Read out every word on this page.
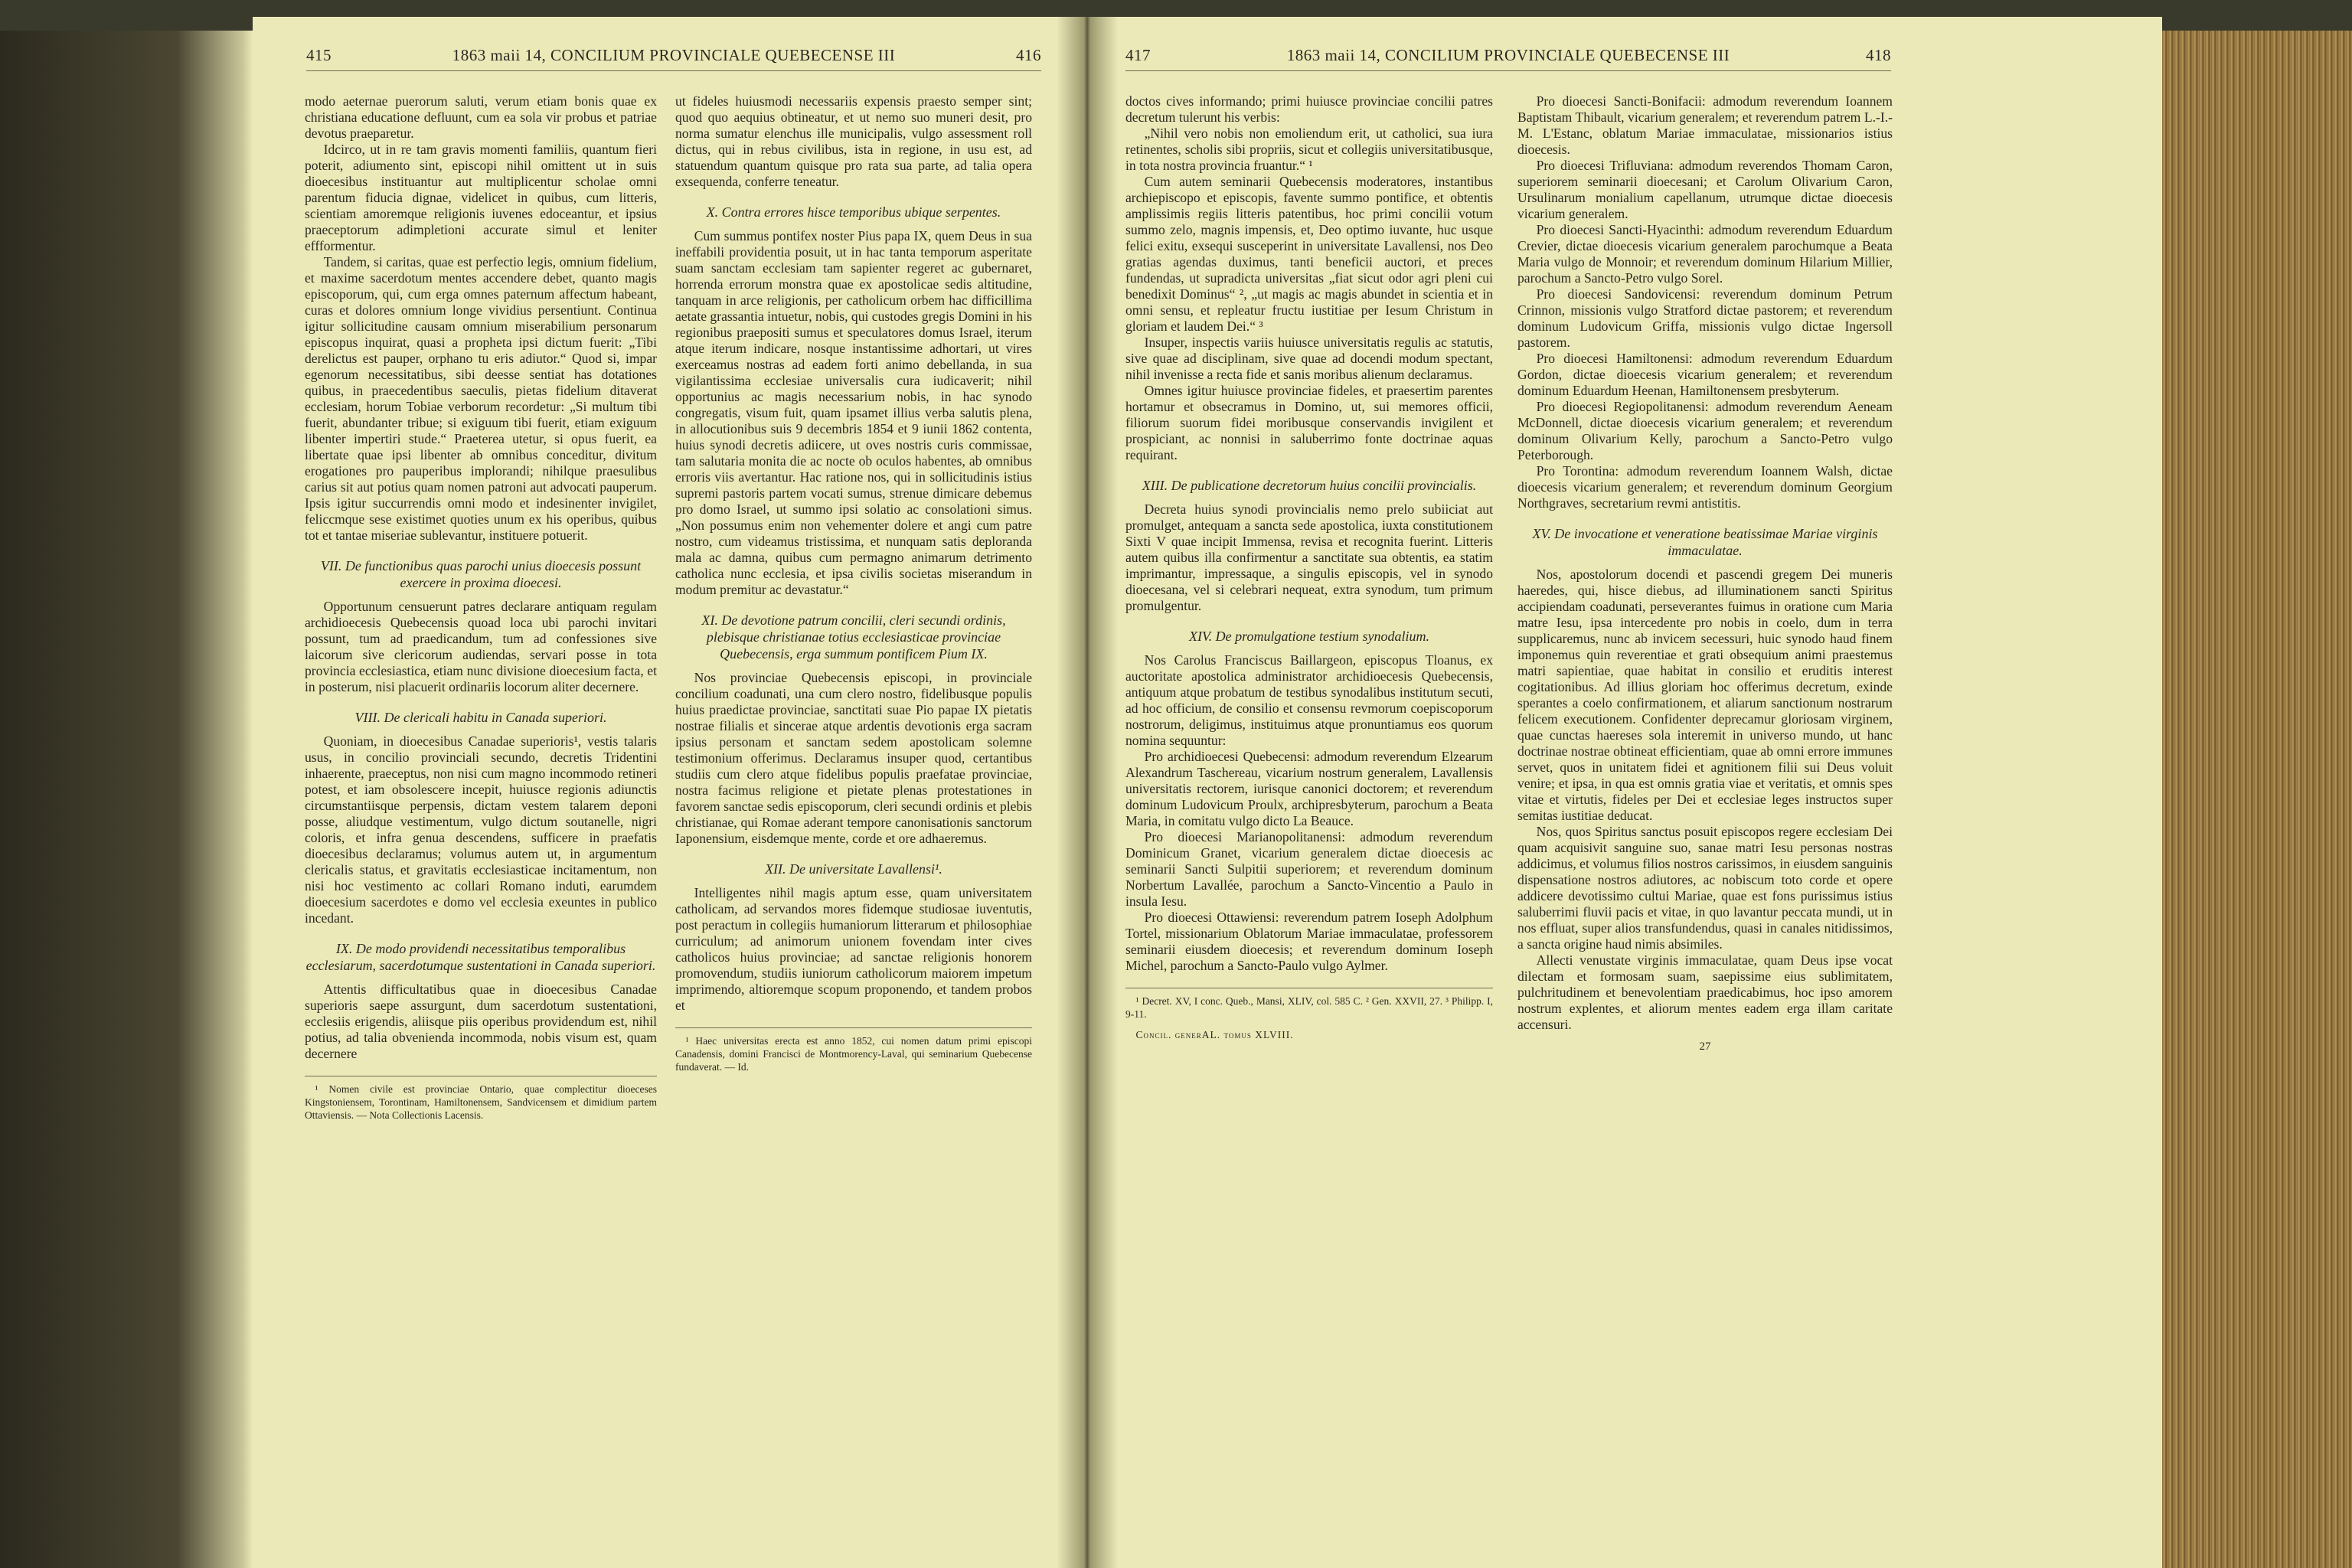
415	1863 maii 14, CONCILIUM PROVINCIALE QUEBECENSE III	416

modo aeternae puerorum saluti, verum etiam bonis quae ex christiana educatione defluunt, cum ea sola vir probus et patriae devotus praeparetur.

Idcirco, ut in re tam gravis momenti familiis, quantum fieri poterit, adiumento sint, episcopi nihil omittent ut in suis dioecesibus instituantur aut multiplicentur scholae omni parentum fiducia dignae, videlicet in quibus, cum litteris, scientiam amoremque religionis iuvenes edoceantur, et ipsius praeceptorum adimpletioni accurate simul et leniter effformentur.

Tandem, si caritas, quae est perfectio legis, omnium fidelium, et maxime sacerdotum mentes accendere debet, quanto magis episcoporum, qui, cum erga omnes paternum affectum habeant, curas et dolores omnium longe vividius persentiunt. Continua igitur sollicitudine causam omnium miserabilium personarum episcopus inquirat, quasi a propheta ipsi dictum fuerit: „Tibi derelictus est pauper, orphano tu eris adiutor.“ Quod si, impar egenorum necessitatibus, sibi deesse sentiat has dotationes quibus, in praecedentibus saeculis, pietas fidelium ditaverat ecclesiam, horum Tobiae verborum recordetur: „Si multum tibi fuerit, abundanter tribue; si exiguum tibi fuerit, etiam exiguum libenter impertiri stude.“ Praeterea utetur, si opus fuerit, ea libertate quae ipsi libenter ab omnibus conceditur, divitum erogationes pro pauperibus implorandi; nihilque praesulibus carius sit aut potius quam nomen patroni aut advocati pauperum. Ipsis igitur succurrendis omni modo et indesinenter invigilet, feliccmque sese existimet quoties unum ex his operibus, quibus tot et tantae miseriae sublevantur, instituere potuerit.

VII. De functionibus quas parochi unius dioecesis possunt exercere in proxima dioecesi.

Opportunum censuerunt patres declarare antiquam regulam archidioecesis Quebecensis quoad loca ubi parochi invitari possunt, tum ad praedicandum, tum ad confessiones sive laicorum sive clericorum audiendas, servari posse in tota provincia ecclesiastica, etiam nunc divisione dioecesium facta, et in posterum, nisi placuerit ordinariis locorum aliter decernere.

VIII. De clericali habitu in Canada superiori.

Quoniam, in dioecesibus Canadae superioris¹, vestis talaris usus, in concilio provinciali secundo, decretis Tridentini inhaerente, praeceptus, non nisi cum magno incommodo retineri potest, et iam obsolescere incepit, huiusce regionis adiunctis circumstantiisque perpensis, dictam vestem talarem deponi posse, aliudque vestimentum, vulgo dictum soutanelle, nigri coloris, et infra genua descendens, sufficere in praefatis dioecesibus declaramus; volumus autem ut, in argumentum clericalis status, et gravitatis ecclesiasticae incitamentum, non nisi hoc vestimento ac collari Romano induti, earumdem dioecesium sacerdotes e domo vel ecclesia exeuntes in publico incedant.

IX. De modo providendi necessitatibus temporalibus ecclesiarum, sacerdotumque sustentationi in Canada superiori.

Attentis difficultatibus quae in dioecesibus Canadae superioris saepe assurgunt, dum sacerdotum sustentationi, ecclesiis erigendis, aliisque piis operibus providendum est, nihil potius, ad talia obvenienda incommoda, nobis visum est, quam decernere

¹ Nomen civile est provinciae Ontario, quae complectitur dioeceses Kingstoniensem, Torontinam, Hamiltonensem, Sandvicensem et dimidium partem Ottaviensis. — Nota Collectionis Lacensis.

ut fideles huiusmodi necessariis expensis praesto semper sint; quod quo aequius obtineatur, et ut nemo suo muneri desit, pro norma sumatur elenchus ille municipalis, vulgo assessment roll dictus, qui in rebus civilibus, ista in regione, in usu est, ad statuendum quantum quisque pro rata sua parte, ad talia opera exsequenda, conferre teneatur.

X. Contra errores hisce temporibus ubique serpentes.

Cum summus pontifex noster Pius papa IX, quem Deus in sua ineffabili providentia posuit, ut in hac tanta temporum asperitate suam sanctam ecclesiam tam sapienter regeret ac gubernaret, horrenda errorum monstra quae ex apostolicae sedis altitudine, tanquam in arce religionis, per catholicum orbem hac difficillima aetate grassantia intuetur, nobis, qui custodes gregis Domini in his regionibus praepositi sumus et speculatores domus Israel, iterum atque iterum indicare, nosque instantissime adhortari, ut vires exerceamus nostras ad eadem forti animo debellanda, in sua vigilantissima ecclesiae universalis cura iudicaverit; nihil opportunius ac magis necessarium nobis, in hac synodo congregatis, visum fuit, quam ipsamet illius verba salutis plena, in allocutionibus suis 9 decembris 1854 et 9 iunii 1862 contenta, huius synodi decretis adiicere, ut oves nostris curis commissae, tam salutaria monita die ac nocte ob oculos habentes, ab omnibus erroris viis avertantur. Hac ratione nos, qui in sollicitudinis istius supremi pastoris partem vocati sumus, strenue dimicare debemus pro domo Israel, ut summo ipsi solatio ac consolationi simus. „Non possumus enim non vehementer dolere et angi cum patre nostro, cum videamus tristissima, et nunquam satis deploranda mala ac damna, quibus cum permagno animarum detrimento catholica nunc ecclesia, et ipsa civilis societas miserandum in modum premitur ac devastatur.“

XI. De devotione patrum concilii, cleri secundi ordinis, plebisque christianae totius ecclesiasticae provinciae Quebecensis, erga summum pontificem Pium IX.

Nos provinciae Quebecensis episcopi, in provinciale concilium coadunati, una cum clero nostro, fidelibusque populis huius praedictae provinciae, sanctitati suae Pio papae IX pietatis nostrae filialis et sincerae atque ardentis devotionis erga sacram ipsius personam et sanctam sedem apostolicam solemne testimonium offerimus. Declaramus insuper quod, certantibus studiis cum clero atque fidelibus populis praefatae provinciae, nostra facimus religione et pietate plenas protestationes in favorem sanctae sedis episcoporum, cleri secundi ordinis et plebis christianae, qui Romae aderant tempore canonisationis sanctorum Iaponensium, eisdemque mente, corde et ore adhaeremus.

XII. De universitate Lavallensi¹.

Intelligentes nihil magis aptum esse, quam universitatem catholicam, ad servandos mores fidemque studiosae iuventutis, post peractum in collegiis humaniorum litterarum et philosophiae curriculum; ad animorum unionem fovendam inter cives catholicos huius provinciae; ad sanctae religionis honorem promovendum, studiis iuniorum catholicorum maiorem impetum imprimendo, altioremque scopum proponendo, et tandem probos et

¹ Haec universitas erecta est anno 1852, cui nomen datum primi episcopi Canadensis, domini Francisci de Montmorency-Laval, qui seminarium Quebecense fundaverat. — Id.

417	1863 maii 14, CONCILIUM PROVINCIALE QUEBECENSE III	418

doctos cives informando; primi huiusce provinciae concilii patres decretum tulerunt his verbis:

„Nihil vero nobis non emoliendum erit, ut catholici, sua iura retinentes, scholis sibi propriis, sicut et collegiis universitatibusque, in tota nostra provincia fruantur.“ ¹

Cum autem seminarii Quebecensis moderatores, instantibus archiepiscopo et episcopis, favente summo pontifice, et obtentis amplissimis regiis litteris patentibus, hoc primi concilii votum summo zelo, magnis impensis, et, Deo optimo iuvante, huc usque felici exitu, exsequi susceperint in universitate Lavallensi, nos Deo gratias agendas duximus, tanti beneficii auctori, et preces fundendas, ut supradicta universitas „fiat sicut odor agri pleni cui benedixit Dominus“ ², „ut magis ac magis abundet in scientia et in omni sensu, et repleatur fructu iustitiae per Iesum Christum in gloriam et laudem Dei.“ ³

Insuper, inspectis variis huiusce universitatis regulis ac statutis, sive quae ad disciplinam, sive quae ad docendi modum spectant, nihil invenisse a recta fide et sanis moribus alienum declaramus.

Omnes igitur huiusce provinciae fideles, et praesertim parentes hortamur et obsecramus in Domino, ut, sui memores officii, filiorum suorum fidei moribusque conservandis invigilent et prospiciant, ac nonnisi in saluberrimo fonte doctrinae aquas requirant.

XIII. De publicatione decretorum huius concilii provincialis.

Decreta huius synodi provincialis nemo prelo subiiciat aut promulget, antequam a sancta sede apostolica, iuxta constitutionem Sixti V quae incipit Immensa, revisa et recognita fuerint. Litteris autem quibus illa confirmentur a sanctitate sua obtentis, ea statim imprimantur, impressaque, a singulis episcopis, vel in synodo dioecesana, vel si celebrari nequeat, extra synodum, tum primum promulgentur.

XIV. De promulgatione testium synodalium.

Nos Carolus Franciscus Baillargeon, episcopus Tloanus, ex auctoritate apostolica administrator archidioecesis Quebecensis, antiquum atque probatum de testibus synodalibus institutum secuti, ad hoc officium, de consilio et consensu revmorum coepiscoporum nostrorum, deligimus, instituimus atque pronuntiamus eos quorum nomina sequuntur:

Pro archidioecesi Quebecensi: admodum reverendum Elzearum Alexandrum Taschereau, vicarium nostrum generalem, Lavallensis universitatis rectorem, iurisque canonici doctorem; et reverendum dominum Ludovicum Proulx, archipresbyterum, parochum a Beata Maria, in comitatu vulgo dicto La Beauce.

Pro dioecesi Marianopolitanensi: admodum reverendum Dominicum Granet, vicarium generalem dictae dioecesis ac seminarii Sancti Sulpitii superiorem; et reverendum dominum Norbertum Lavallée, parochum a Sancto-Vincentio a Paulo in insula Iesu.

Pro dioecesi Ottawiensi: reverendum patrem Ioseph Adolphum Tortel, missionarium Oblatorum Mariae immaculatae, professorem seminarii eiusdem dioecesis; et reverendum dominum Ioseph Michel, parochum a Sancto-Paulo vulgo Aylmer.

¹ Decret. XV, I conc. Queb., Mansi, XLIV, col. 585 C. ² Gen. XXVII, 27. ³ Philipp. I, 9-11.

Concil. generAL. tomus XLVIII.

Pro dioecesi Sancti-Bonifacii: admodum reverendum Ioannem Baptistam Thibault, vicarium generalem; et reverendum patrem L.-I.-M. L'Estanc, oblatum Mariae immaculatae, missionarios istius dioecesis.

Pro dioecesi Trifluviana: admodum reverendos Thomam Caron, superiorem seminarii dioecesani; et Carolum Olivarium Caron, Ursulinarum monialium capellanum, utrumque dictae dioecesis vicarium generalem.

Pro dioecesi Sancti-Hyacinthi: admodum reverendum Eduardum Crevier, dictae dioecesis vicarium generalem parochumque a Beata Maria vulgo de Monnoir; et reverendum dominum Hilarium Millier, parochum a Sancto-Petro vulgo Sorel.

Pro dioecesi Sandovicensi: reverendum dominum Petrum Crinnon, missionis vulgo Stratford dictae pastorem; et reverendum dominum Ludovicum Griffa, missionis vulgo dictae Ingersoll pastorem.

Pro dioecesi Hamiltonensi: admodum reverendum Eduardum Gordon, dictae dioecesis vicarium generalem; et reverendum dominum Eduardum Heenan, Hamiltonensem presbyterum.

Pro dioecesi Regiopolitanensi: admodum reverendum Aeneam McDonnell, dictae dioecesis vicarium generalem; et reverendum dominum Olivarium Kelly, parochum a Sancto-Petro vulgo Peterborough.

Pro Torontina: admodum reverendum Ioannem Walsh, dictae dioecesis vicarium generalem; et reverendum dominum Georgium Northgraves, secretarium revmi antistitis.

XV. De invocatione et veneratione beatissimae Mariae virginis immaculatae.

Nos, apostolorum docendi et pascendi gregem Dei muneris haeredes, qui, hisce diebus, ad illuminationem sancti Spiritus accipiendam coadunati, perseverantes fuimus in oratione cum Maria matre Iesu, ipsa intercedente pro nobis in coelo, dum in terra supplicaremus, nunc ab invicem secessuri, huic synodo haud finem imponemus quin reverentiae et grati obsequium animi praestemus matri sapientiae, quae habitat in consilio et eruditis interest cogitationibus. Ad illius gloriam hoc offerimus decretum, exinde sperantes a coelo confirmationem, et aliarum sanctionum nostrarum felicem executionem. Confidenter deprecamur gloriosam virginem, quae cunctas haereses sola interemit in universo mundo, ut hanc doctrinae nostrae obtineat efficientiam, quae ab omni errore immunes servet, quos in unitatem fidei et agnitionem filii sui Deus voluit venire; et ipsa, in qua est omnis gratia viae et veritatis, et omnis spes vitae et virtutis, fideles per Dei et ecclesiae leges instructos super semitas iustitiae deducat.

Nos, quos Spiritus sanctus posuit episcopos regere ecclesiam Dei quam acquisivit sanguine suo, sanae matri Iesu personas nostras addicimus, et volumus filios nostros carissimos, in eiusdem sanguinis dispensatione nostros adiutores, ac nobiscum toto corde et opere addicere devotissimo cultui Mariae, quae est fons purissimus istius saluberrimi fluvii pacis et vitae, in quo lavantur peccata mundi, ut in nos effluat, super alios transfundendus, quasi in canales nitidissimos, a sancta origine haud nimis absimiles.

Allecti venustate virginis immaculatae, quam Deus ipse vocat dilectam et formosam suam, saepissime eius sublimitatem, pulchritudinem et benevolentiam praedicabimus, hoc ipso amorem nostrum explentes, et aliorum mentes eadem erga illam caritate accensuri.

27
